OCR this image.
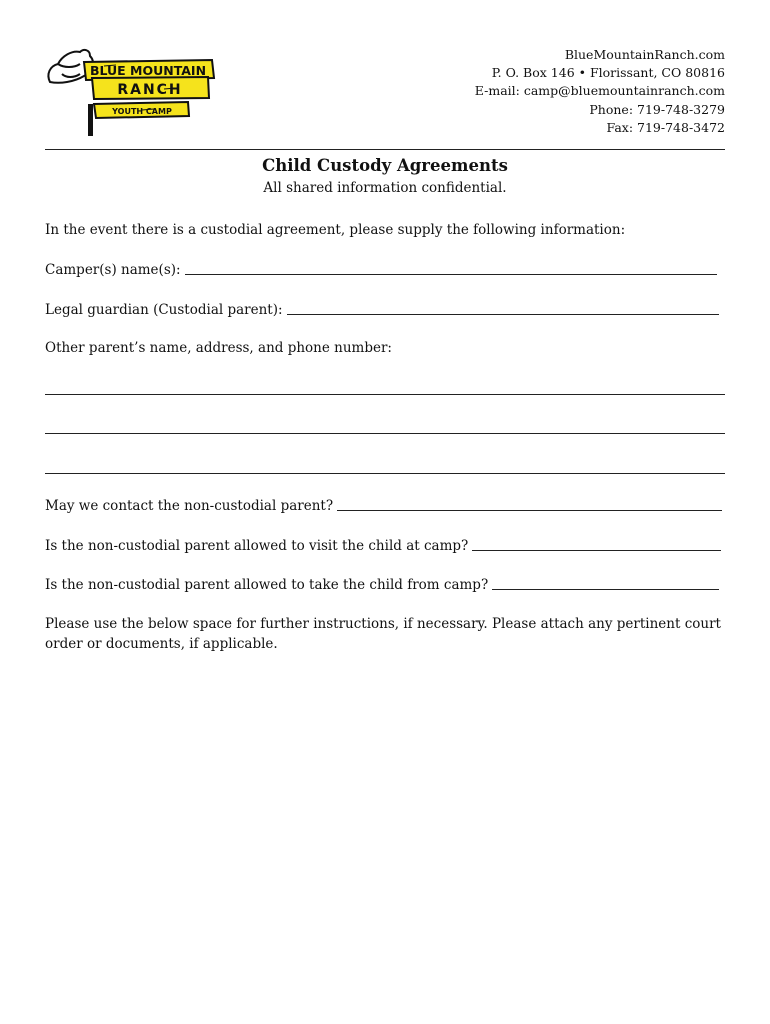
BLUE MOUNTAIN
RANCH
YOUTH CAMP
BlueMountainRanch.com
P. O. Box 146 • Florissant, CO 80816
E-mail: camp@bluemountainranch.com
Phone: 719-748-3279
Fax: 719-748-3472
Child Custody Agreements
All shared information confidential.
In the event there is a custodial agreement, please supply the following information:
Camper(s) name(s):
Legal guardian (Custodial parent):
Other parent’s name, address, and phone number:
May we contact the non-custodial parent?
Is the non-custodial parent allowed to visit the child at camp?
Is the non-custodial parent allowed to take the child from camp?
Please use the below space for further instructions, if necessary. Please attach any pertinent court order or documents, if applicable.
